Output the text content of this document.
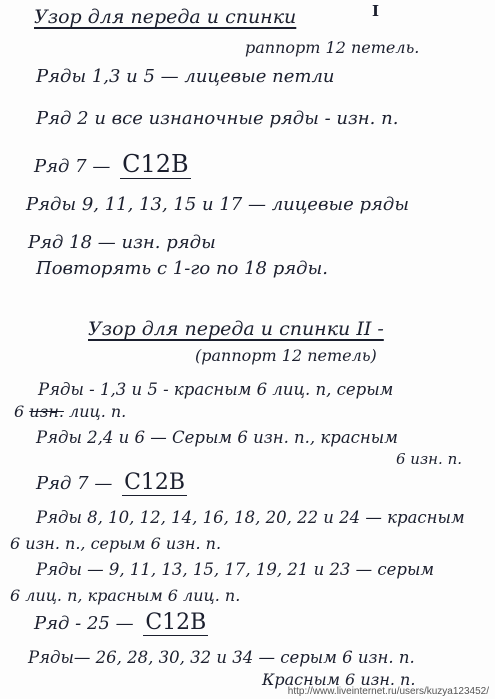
Узор для переда и спинки	I
раппорт 12 петель.
Ряды 1,3 и 5 — лицевые петли
Ряд 2 и все изнаночные ряды - изн. п.
Ряд 7 — C12B
Ряды 9, 11, 13, 15 и 17 — лицевые ряды
Ряд 18 — изн. ряды
Повторять с 1-го по 18 ряды.
Узор для переда и спинки II -
(раппорт 12 петель)
Ряды - 1,3 и 5 - красным 6 лиц. п, серым
6 изн. лиц. п.
Ряды 2,4 и 6 — Серым 6 изн. п., красным
6 изн. п.
Ряд 7 — C12B
Ряды 8, 10, 12, 14, 16, 18, 20, 22 и 24 — красным
6 изн. п., серым 6 изн. п.
Ряды — 9, 11, 13, 15, 17, 19, 21 и 23 — серым
6 лиц. п, красным 6 лиц. п.
Ряд - 25 — C12B
Ряды— 26, 28, 30, 32 и 34 — серым 6 изн. п.
Красным 6 изн. п.
http://www.liveinternet.ru/users/kuzya123452/
